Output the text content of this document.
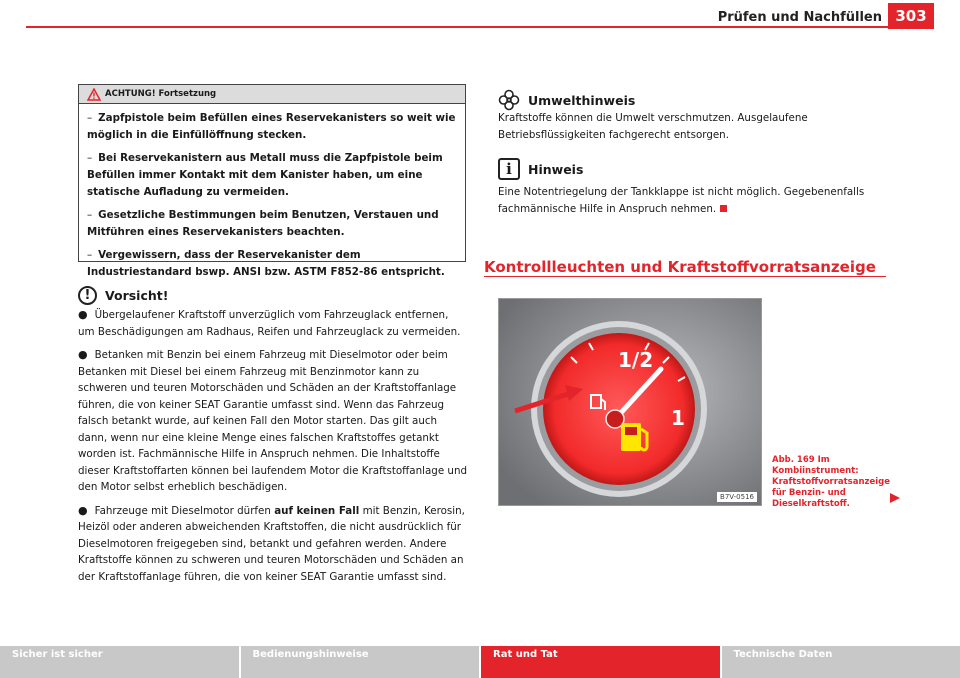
Prüfen und Nachfüllen 303
ACHTUNG! Fortsetzung
– Zapfpistole beim Befüllen eines Reservekanisters so weit wie möglich in die Einfüllöffnung stecken.
– Bei Reservekanistern aus Metall muss die Zapfpistole beim Befüllen immer Kontakt mit dem Kanister haben, um eine statische Aufladung zu vermeiden.
– Gesetzliche Bestimmungen beim Benutzen, Verstauen und Mitführen eines Reservekanisters beachten.
– Vergewissern, dass der Reservekanister dem Industriestandard bswp. ANSI bzw. ASTM F852-86 entspricht.
!	Vorsicht!

● Übergelaufener Kraftstoff unverzüglich vom Fahrzeuglack entfernen, um Beschädigungen am Radhaus, Reifen und Fahrzeuglack zu vermeiden.

● Betanken mit Benzin bei einem Fahrzeug mit Dieselmotor oder beim Betanken mit Diesel bei einem Fahrzeug mit Benzinmotor kann zu schweren und teuren Motorschäden und Schäden an der Kraftstoffanlage führen, die von keiner SEAT Garantie umfasst sind. Wenn das Fahrzeug falsch betankt wurde, auf keinen Fall den Motor starten. Das gilt auch dann, wenn nur eine kleine Menge eines falschen Kraftstoffes getankt worden ist. Fachmännische Hilfe in Anspruch nehmen. Die Inhaltstoffe dieser Kraftstoffarten können bei laufendem Motor die Kraftstoffanlage und den Motor selbst erheblich beschädigen.

● Fahrzeuge mit Dieselmotor dürfen auf keinen Fall mit Benzin, Kerosin, Heizöl oder anderen abweichenden Kraftstoffen, die nicht ausdrücklich für Dieselmotoren freigegeben sind, betankt und gefahren werden. Andere Kraftstoffe können zu schweren und teuren Motorschäden und Schäden an der Kraftstoffanlage führen, die von keiner SEAT Garantie umfasst sind.

Umwelthinweis
Kraftstoffe können die Umwelt verschmutzen. Ausgelaufene Betriebsflüssigkeiten fachgerecht entsorgen.
i	Hinweis
Eine Notentriegelung der Tankklappe ist nicht möglich. Gegebenenfalls fachmännische Hilfe in Anspruch nehmen.
Kontrollleuchten und Kraftstoffvorratsanzeige
1/2
1
B7V-0516
Abb. 169 Im Kombiinstrument: Kraftstoffvorratsanzeige für Benzin- und Dieselkraftstoff.
Sicher ist sicher	Bedienungshinweise	Rat und Tat	Technische Daten
